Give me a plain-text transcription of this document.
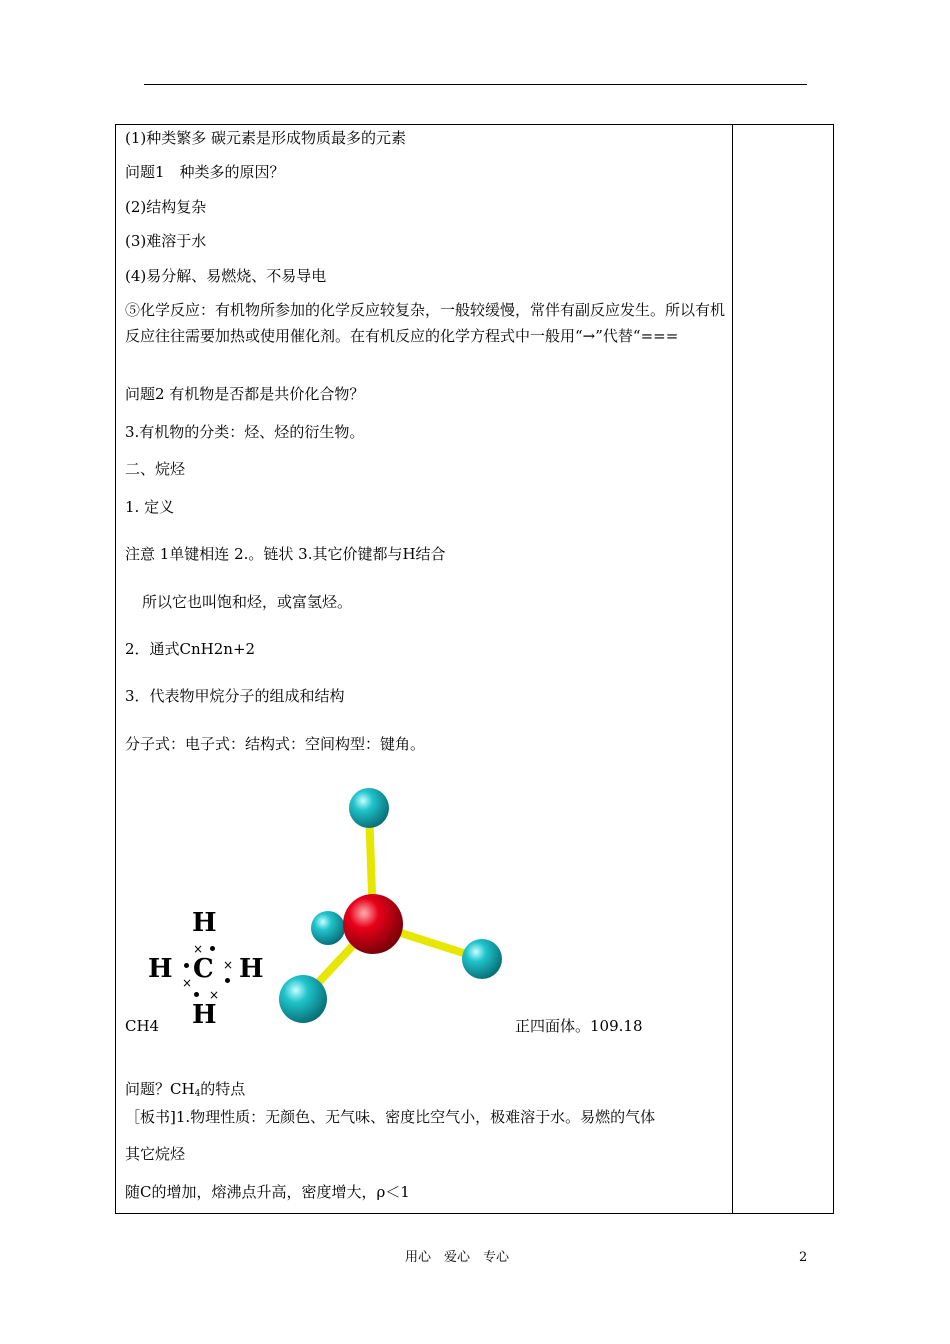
(1)种类繁多 碳元素是形成物质最多的元素
问题1　种类多的原因？
(2)结构复杂
(3)难溶于水
(4)易分解、易燃烧、不易导电
⑤化学反应：有机物所参加的化学反应较复杂，一般较缓慢，常伴有副反应发生。所以有机反应往往需要加热或使用催化剂。在有机反应的化学方程式中一般用“→”代替“===
问题2 有机物是否都是共价化合物？
3.有机物的分类：烃、烃的衍生物。
二、烷烃
1. 定义
注意 1单键相连 2.。链状 3.其它价键都与H结合
所以它也叫饱和烃，或富氢烃。
2．通式CnH2n+2
3．代表物甲烷分子的组成和结构
分子式：电子式：结构式：空间构型：键角。
CH4
H
H C H
H
×
×
×
×
正四面体。109.18
问题？$CH_4$的特点
［板书]1.物理性质：无颜色、无气味、密度比空气小，极难溶于水。易燃的气体
其它烷烃
随C的增加，熔沸点升高，密度增大，ρ＜1
用心　爱心　专心	2
